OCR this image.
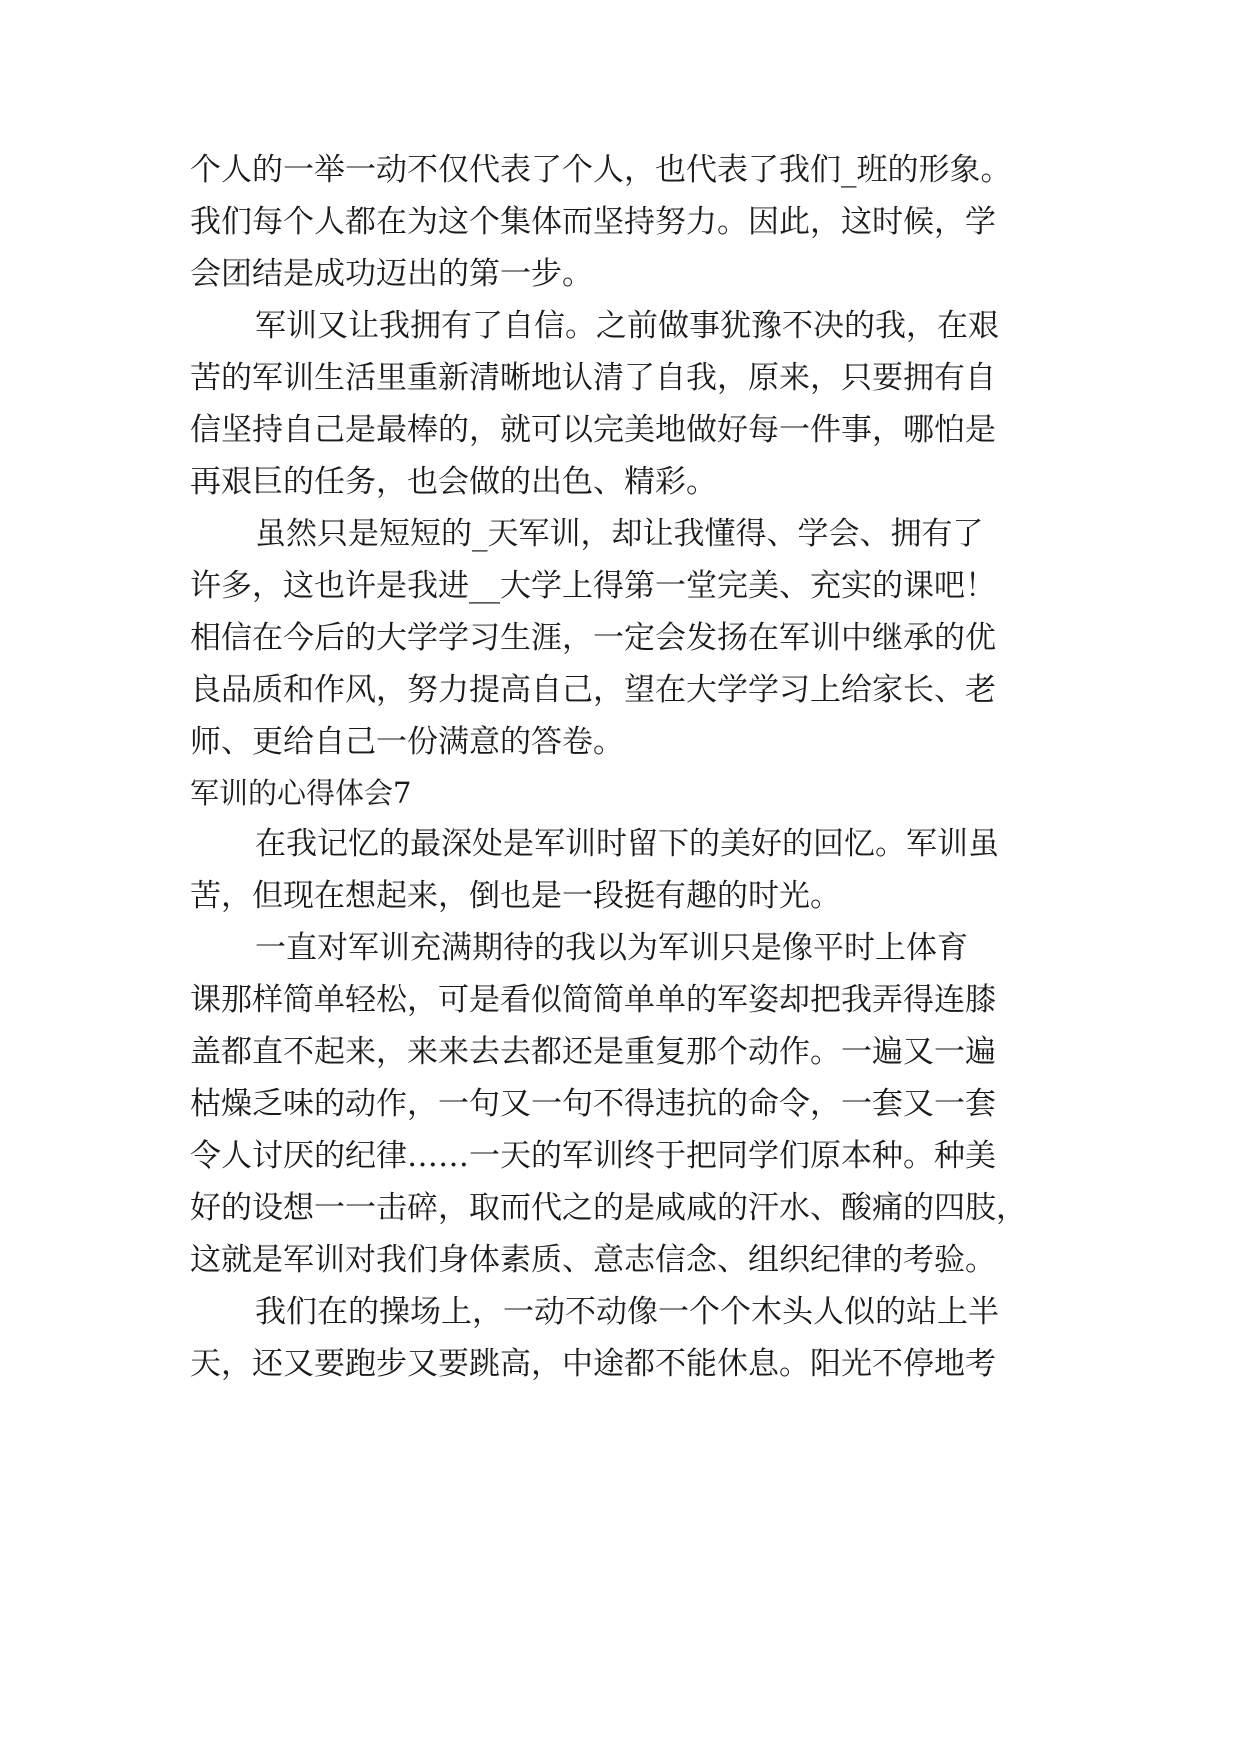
个人的一举一动不仅代表了个人，也代表了我们_班的形象。
我们每个人都在为这个集体而坚持努力。因此，这时候，学
会团结是成功迈出的第一步。
军训又让我拥有了自信。之前做事犹豫不决的我，在艰
苦的军训生活里重新清晰地认清了自我，原来，只要拥有自
信坚持自己是最棒的，就可以完美地做好每一件事，哪怕是
再艰巨的任务，也会做的出色、精彩。
虽然只是短短的_天军训，却让我懂得、学会、拥有了
许多，这也许是我进__大学上得第一堂完美、充实的课吧！
相信在今后的大学学习生涯，一定会发扬在军训中继承的优
良品质和作风，努力提高自己，望在大学学习上给家长、老
师、更给自己一份满意的答卷。
军训的心得体会7
在我记忆的最深处是军训时留下的美好的回忆。军训虽
苦，但现在想起来，倒也是一段挺有趣的时光。
一直对军训充满期待的我以为军训只是像平时上体育
课那样简单轻松，可是看似简简单单的军姿却把我弄得连膝
盖都直不起来，来来去去都还是重复那个动作。一遍又一遍
枯燥乏味的动作，一句又一句不得违抗的命令，一套又一套
令人讨厌的纪律……一天的军训终于把同学们原本种。种美
好的设想一一击碎，取而代之的是咸咸的汗水、酸痛的四肢，
这就是军训对我们身体素质、意志信念、组织纪律的考验。
我们在的操场上，一动不动像一个个木头人似的站上半
天，还又要跑步又要跳高，中途都不能休息。阳光不停地考
